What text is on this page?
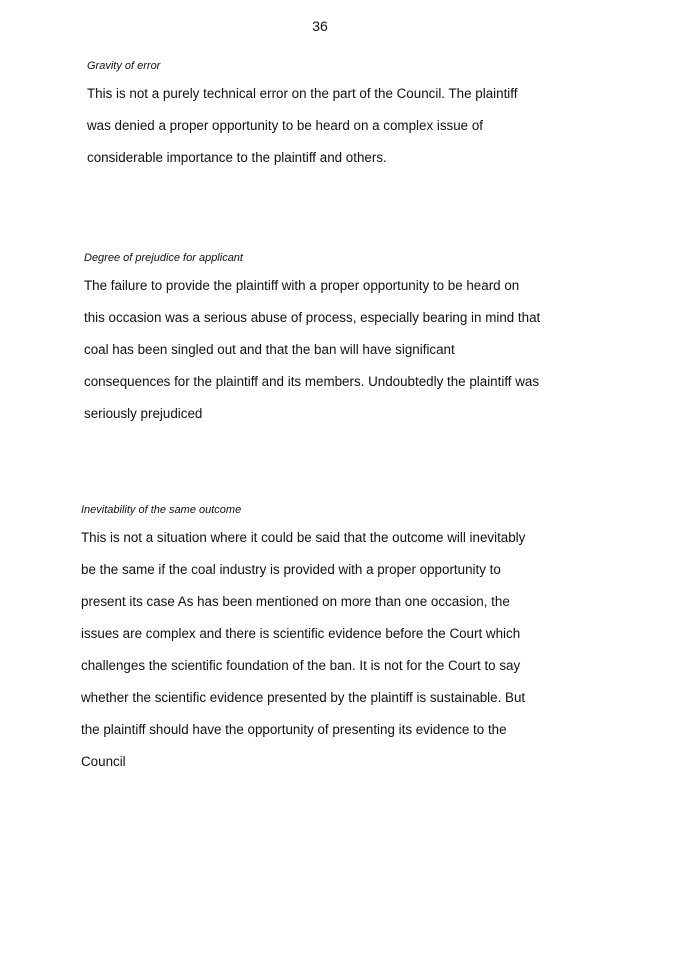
36
Gravity of error

This is not a purely technical error on the part of the Council. The plaintiff
was denied a proper opportunity to be heard on a complex issue of
considerable importance to the plaintiff and others.

Degree of prejudice for applicant

The failure to provide the plaintiff with a proper opportunity to be heard on
this occasion was a serious abuse of process, especially bearing in mind that
coal has been singled out and that the ban will have significant
consequences for the plaintiff and its members. Undoubtedly the plaintiff was
seriously prejudiced

Inevitability of the same outcome

This is not a situation where it could be said that the outcome will inevitably
be the same if the coal industry is provided with a proper opportunity to
present its case As has been mentioned on more than one occasion, the
issues are complex and there is scientific evidence before the Court which
challenges the scientific foundation of the ban. It is not for the Court to say
whether the scientific evidence presented by the plaintiff is sustainable. But
the plaintiff should have the opportunity of presenting its evidence to the
Council
